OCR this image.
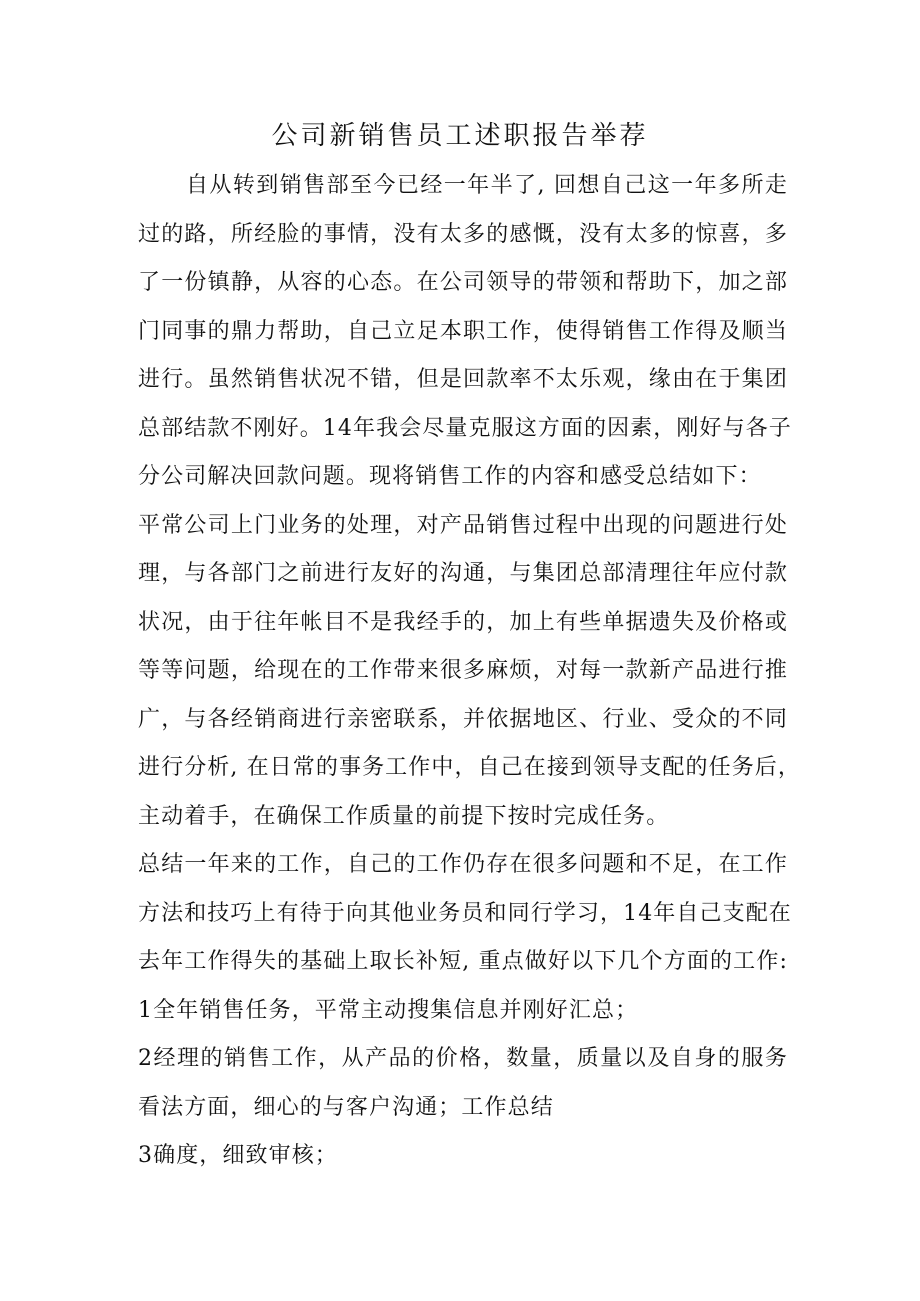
公司新销售员工述职报告举荐
自从转到销售部至今已经一年半了, 回想自己这一年多所走
过的路，所经脸的事情，没有太多的感慨，没有太多的惊喜，多
了一份镇静，从容的心态。在公司领导的带领和帮助下，加之部
门同事的鼎力帮助，自己立足本职工作，使得销售工作得及顺当
进行。虽然销售状况不错，但是回款率不太乐观，缘由在于集团
总部结款不刚好。14年我会尽量克服这方面的因素，刚好与各子
分公司解决回款问题。现将销售工作的内容和感受总结如下：
平常公司上门业务的处理，对产品销售过程中出现的问题进行处
理，与各部门之前进行友好的沟通，与集团总部清理往年应付款
状况，由于往年帐目不是我经手的，加上有些单据遗失及价格或
等等问题，给现在的工作带来很多麻烦，对每一款新产品进行推
广，与各经销商进行亲密联系，并依据地区、行业、受众的不同
进行分析, 在日常的事务工作中，自己在接到领导支配的任务后，
主动着手，在确保工作质量的前提下按时完成任务。
总结一年来的工作，自己的工作仍存在很多问题和不足，在工作
方法和技巧上有待于向其他业务员和同行学习，14年自己支配在
去年工作得失的基础上取长补短, 重点做好以下几个方面的工作:
1全年销售任务，平常主动搜集信息并刚好汇总；
2经理的销售工作，从产品的价格，数量，质量以及自身的服务
看法方面，细心的与客户沟通；工作总结
3确度，细致审核；
